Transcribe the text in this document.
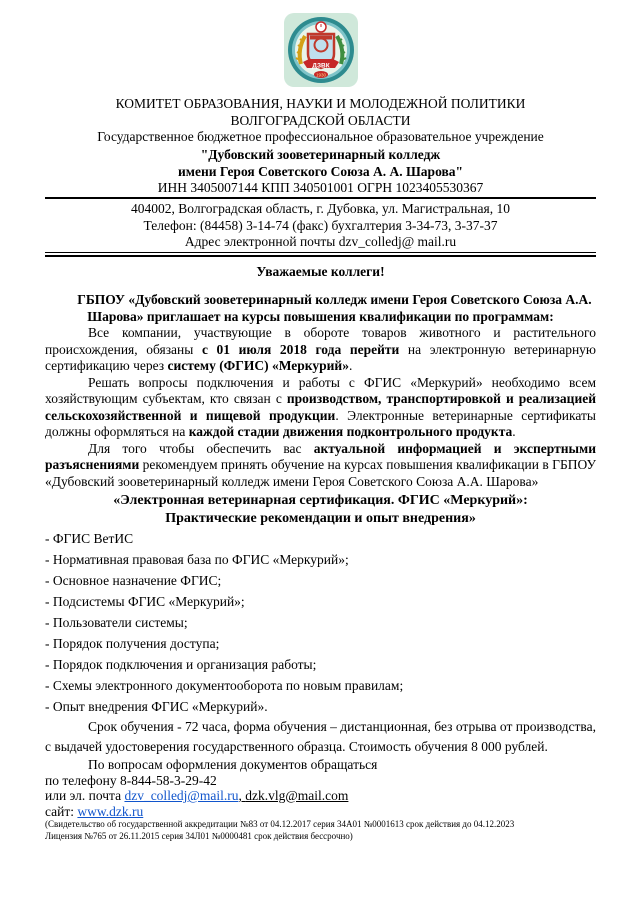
ДЗВК
1930
КОМИТЕТ ОБРАЗОВАНИЯ, НАУКИ И МОЛОДЕЖНОЙ ПОЛИТИКИ
ВОЛГОГРАДСКОЙ ОБЛАСТИ
Государственное бюджетное профессиональное образовательное учреждение
"Дубовский зооветеринарный колледж
имени Героя Советского Союза А. А. Шарова"
ИНН 3405007144 КПП 340501001 ОГРН 1023405530367
404002, Волгоградская область, г. Дубовка, ул. Магистральная, 10
Телефон: (84458) 3-14-74 (факс) бухгалтерия 3-34-73, 3-37-37
Адрес электронной почты dzv_colledj@ mail.ru
Уважаемые коллеги!
ГБПОУ «Дубовский зооветеринарный колледж имени Героя Советского Союза А.А. Шарова» приглашает на курсы повышения квалификации по программам:

Все компании, участвующие в обороте товаров животного и растительного происхождения, обязаны с 01 июля 2018 года перейти на электронную ветеринарную сертификацию через систему (ФГИС) «Меркурий».

Решать вопросы подключения и работы с ФГИС «Меркурий» необходимо всем хозяйствующим субъектам, кто связан с производством, транспортировкой и реализацией сельскохозяйственной и пищевой продукции. Электронные ветеринарные сертификаты должны оформляться на каждой стадии движения подконтрольного продукта.

Для того чтобы обеспечить вас актуальной информацией и экспертными разъяснениями рекомендуем принять обучение на курсах повышения квалификации в ГБПОУ «Дубовский зооветеринарный колледж имени Героя Советского Союза А.А. Шарова»

«Электронная ветеринарная сертификация. ФГИС «Меркурий»:
Практические рекомендации и опыт внедрения»
- ФГИС ВетИС
- Нормативная правовая база по ФГИС «Меркурий»;
- Основное назначение ФГИС;
- Подсистемы ФГИС «Меркурий»;
- Пользователи системы;
- Порядок получения доступа;
- Порядок подключения и организация работы;
- Схемы электронного документооборота по новым правилам;
- Опыт внедрения ФГИС «Меркурий».

Срок обучения - 72 часа, форма обучения – дистанционная, без отрыва от производства, с выдачей удостоверения государственного образца. Стоимость обучения 8 000 рублей.

По вопросам оформления документов обращаться
по телефону 8-844-58-3-29-42
или эл. почта dzv_colledj@mail.ru, dzk.vlg@mail.com
сайт: www.dzk.ru
(Свидетельство об государственной аккредитации №83 от 04.12.2017 серия 34А01 №0001613 срок действия до 04.12.2023
Лицензия №765 от 26.11.2015 серия 34Л01 №0000481 срок действия бессрочно)
